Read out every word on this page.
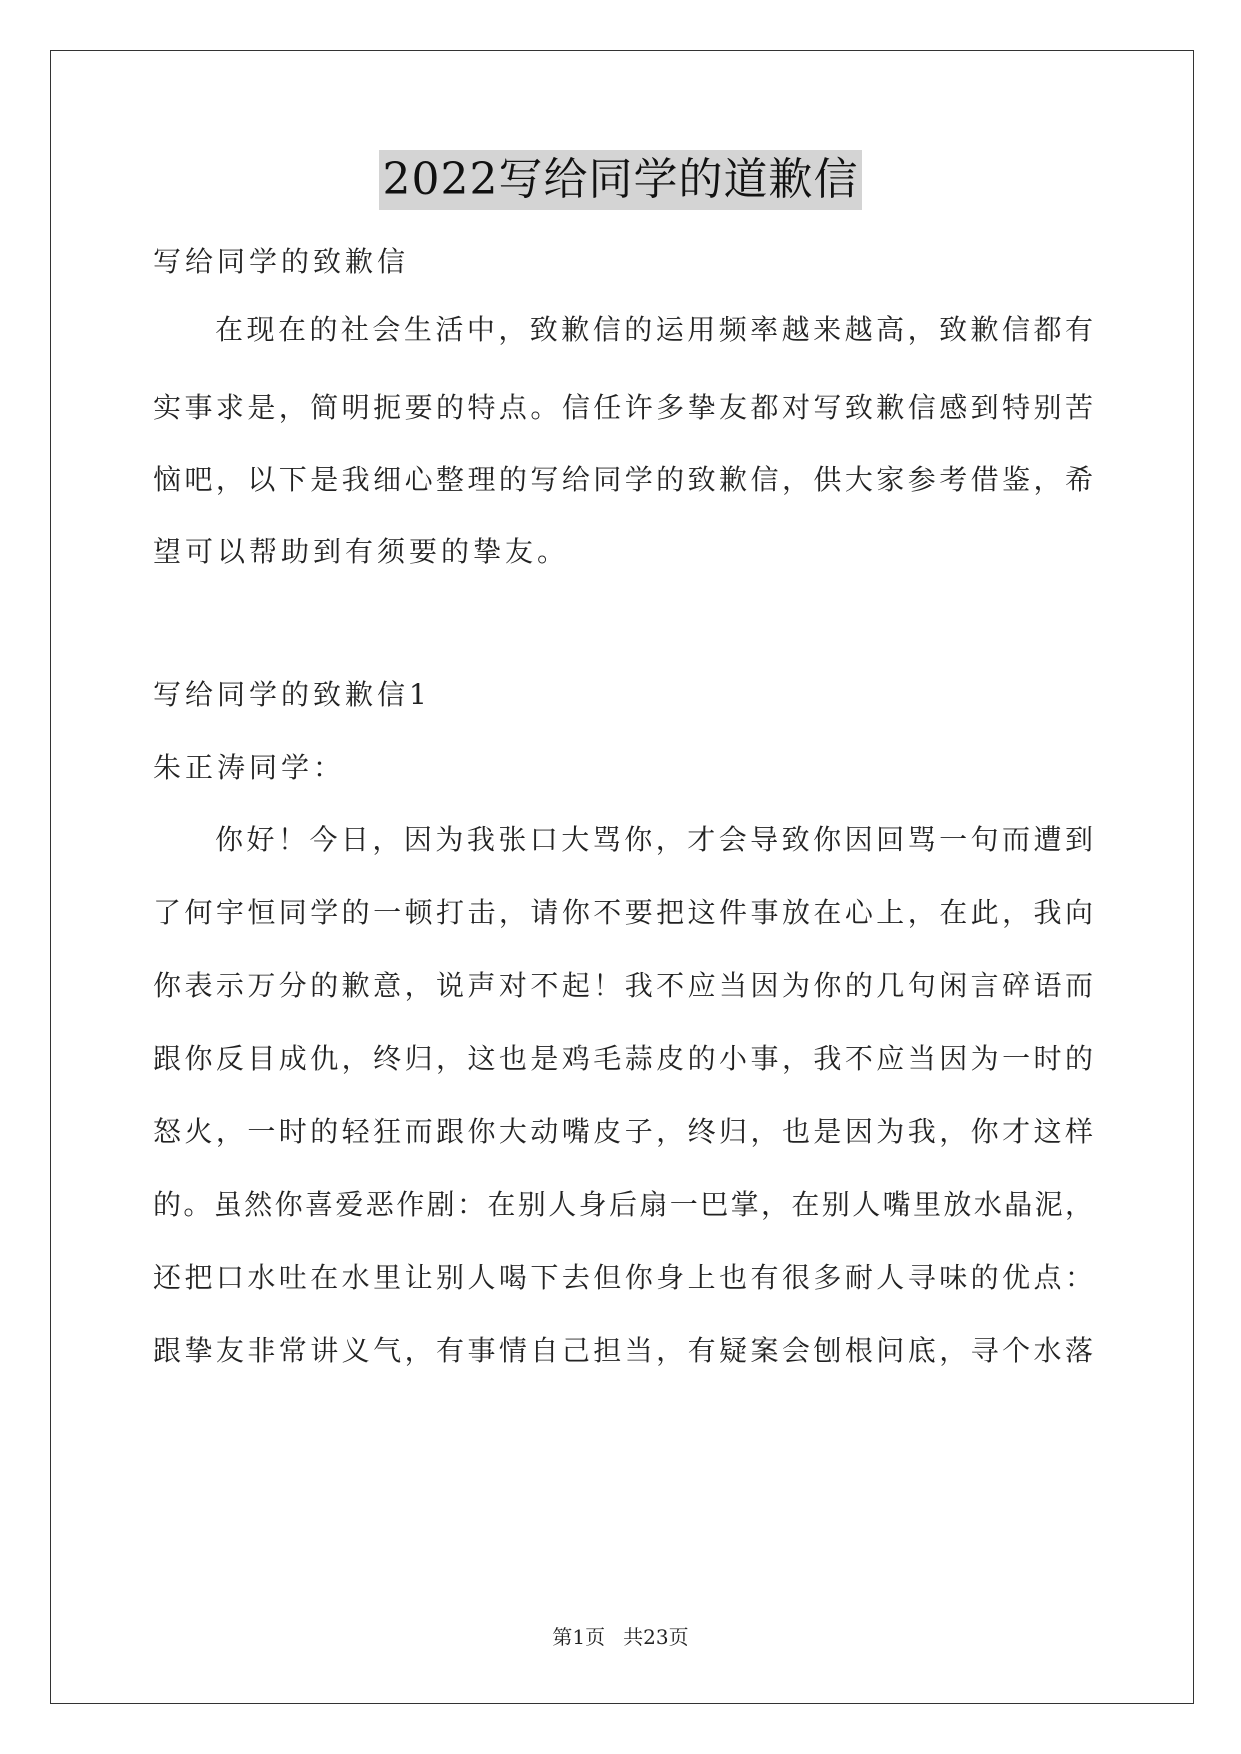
2022写给同学的道歉信
写给同学的致歉信
在现在的社会生活中，致歉信的运用频率越来越高，致歉信都有
实事求是，简明扼要的特点。信任许多挚友都对写致歉信感到特别苦
恼吧，以下是我细心整理的写给同学的致歉信，供大家参考借鉴，希
望可以帮助到有须要的挚友。
写给同学的致歉信1
朱正涛同学：
你好！今日，因为我张口大骂你，才会导致你因回骂一句而遭到
了何宇恒同学的一顿打击，请你不要把这件事放在心上，在此，我向
你表示万分的歉意，说声对不起！我不应当因为你的几句闲言碎语而
跟你反目成仇，终归，这也是鸡毛蒜皮的小事，我不应当因为一时的
怒火，一时的轻狂而跟你大动嘴皮子，终归，也是因为我，你才这样
的。虽然你喜爱恶作剧：在别人身后扇一巴掌，在别人嘴里放水晶泥，
还把口水吐在水里让别人喝下去但你身上也有很多耐人寻味的优点：
跟挚友非常讲义气，有事情自己担当，有疑案会刨根问底，寻个水落
第1页 共23页
